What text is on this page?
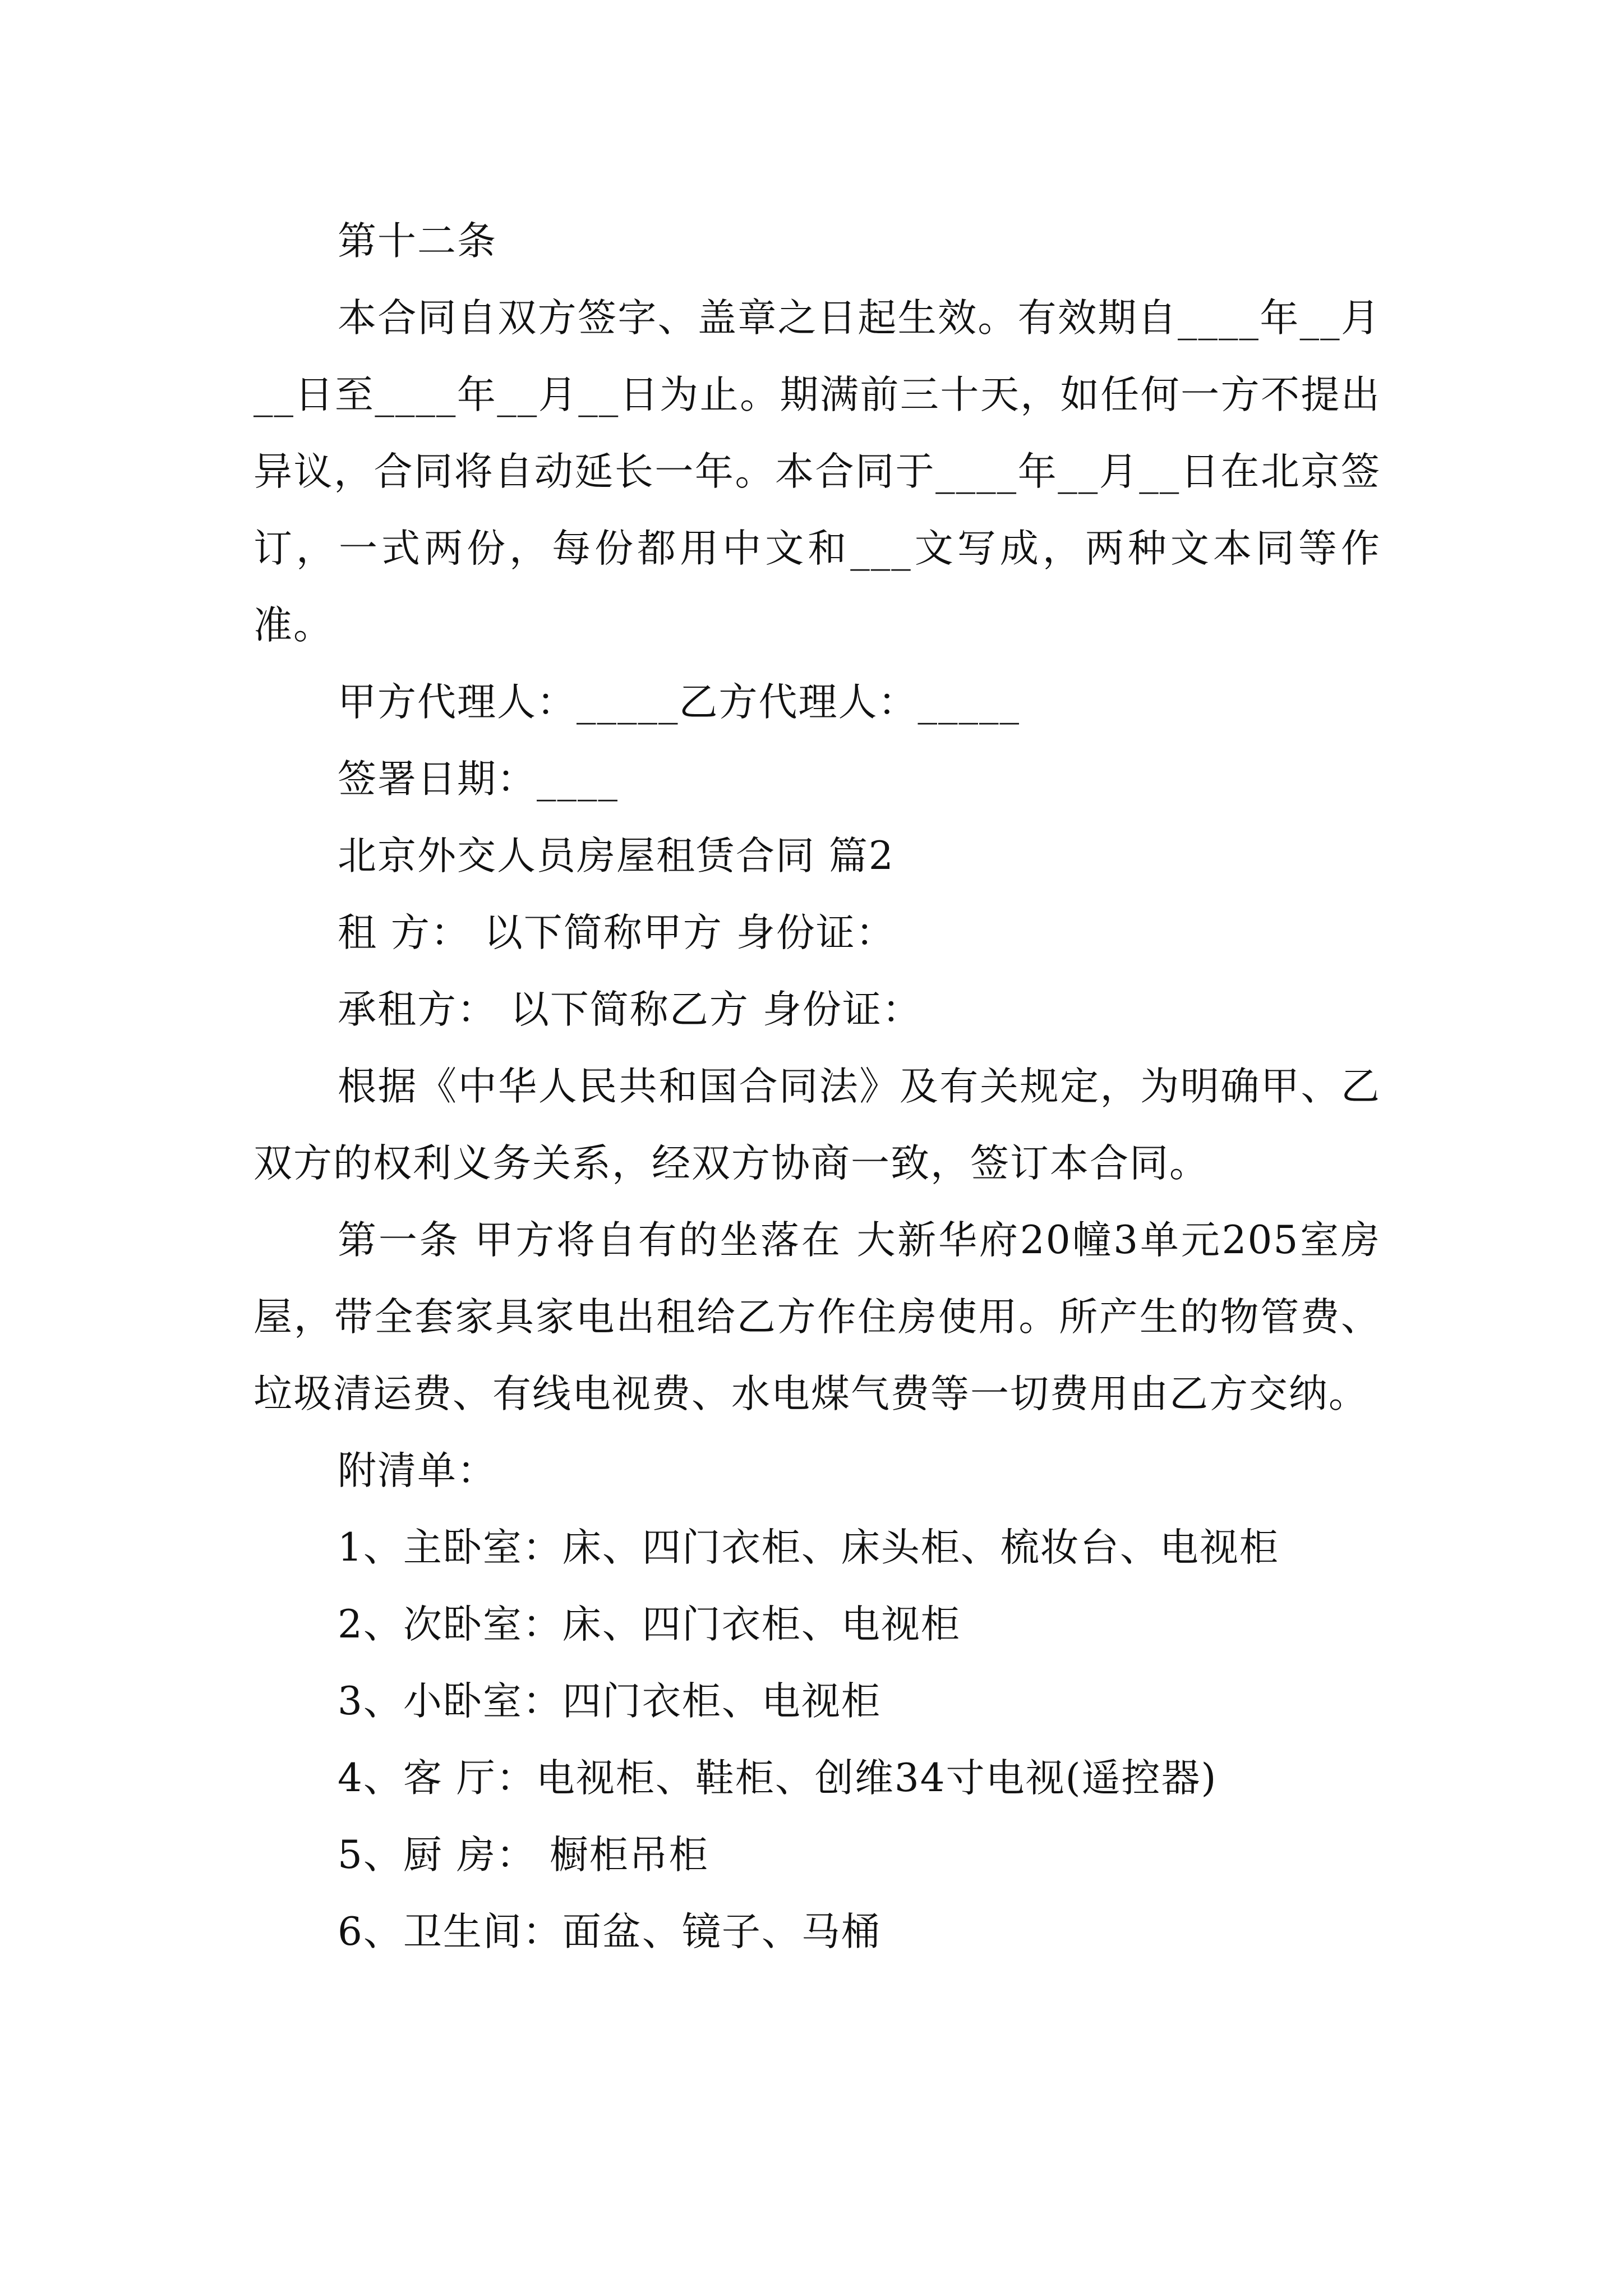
第十二条

本合同自双方签字、盖章之日起生效。有效期自____年__月__日至____年__月__日为止。期满前三十天，如任何一方不提出异议，合同将自动延长一年。本合同于____年__月__日在北京签订，一式两份，每份都用中文和___文写成，两种文本同等作准。

甲方代理人：_____乙方代理人：_____

签署日期：____

北京外交人员房屋租赁合同 篇2

租 方： 以下简称甲方 身份证：

承租方： 以下简称乙方 身份证：

根据《中华人民共和国合同法》及有关规定，为明确甲、乙双方的权利义务关系，经双方协商一致，签订本合同。

第一条 甲方将自有的坐落在 大新华府20幢3单元205室房屋，带全套家具家电出租给乙方作住房使用。所产生的物管费、垃圾清运费、有线电视费、水电煤气费等一切费用由乙方交纳。

附清单：

1、主卧室：床、四门衣柜、床头柜、梳妆台、电视柜

2、次卧室：床、四门衣柜、电视柜

3、小卧室：四门衣柜、电视柜

4、客 厅：电视柜、鞋柜、创维34寸电视(遥控器)

5、厨 房： 橱柜吊柜

6、卫生间：面盆、镜子、马桶
